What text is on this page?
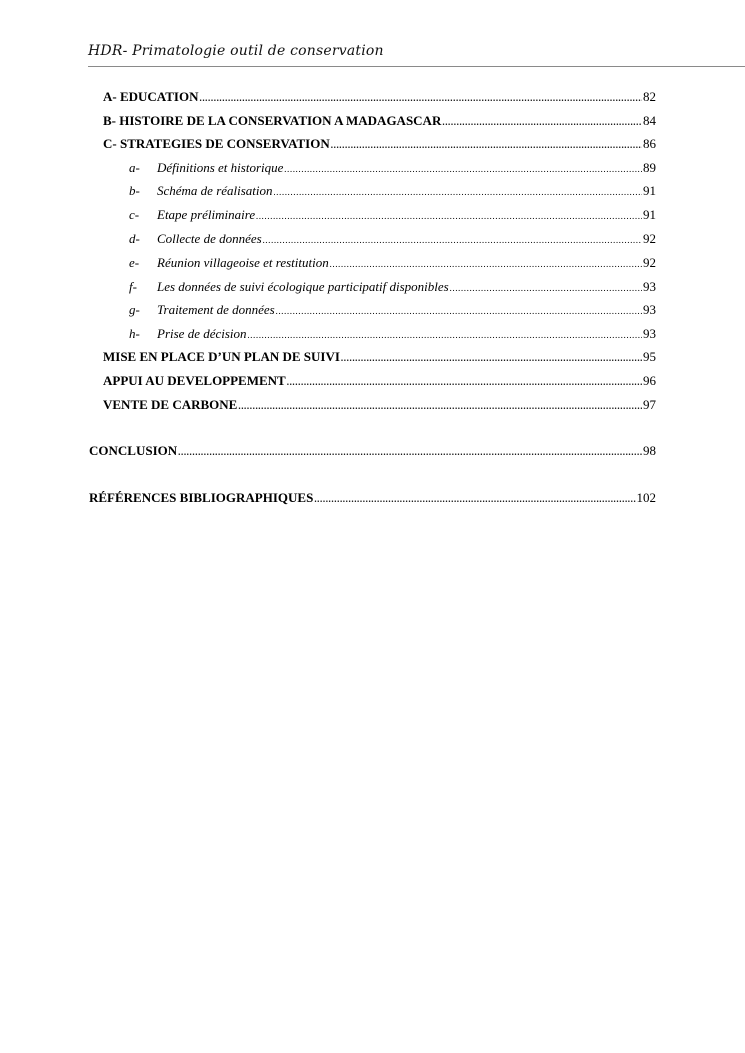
HDR- Primatologie outil de conservation
A- EDUCATION .....	82
B- HISTOIRE DE LA CONSERVATION A MADAGASCAR .....	84
C- STRATEGIES DE CONSERVATION .....	86
a- Définitions et historique .....	89
b- Schéma de réalisation .....	91
c- Etape préliminaire .....	91
d- Collecte de données .....	92
e- Réunion villageoise et restitution .....	92
f- Les données de suivi écologique participatif disponibles .....	93
g- Traitement de données .....	93
h- Prise de décision .....	93
MISE EN PLACE D’UN PLAN DE SUIVI .....	95
APPUI AU DEVELOPPEMENT .....	96
VENTE DE CARBONE .....	97
CONCLUSION .....	98
RÉFÉRENCES BIBLIOGRAPHIQUES .....	102
